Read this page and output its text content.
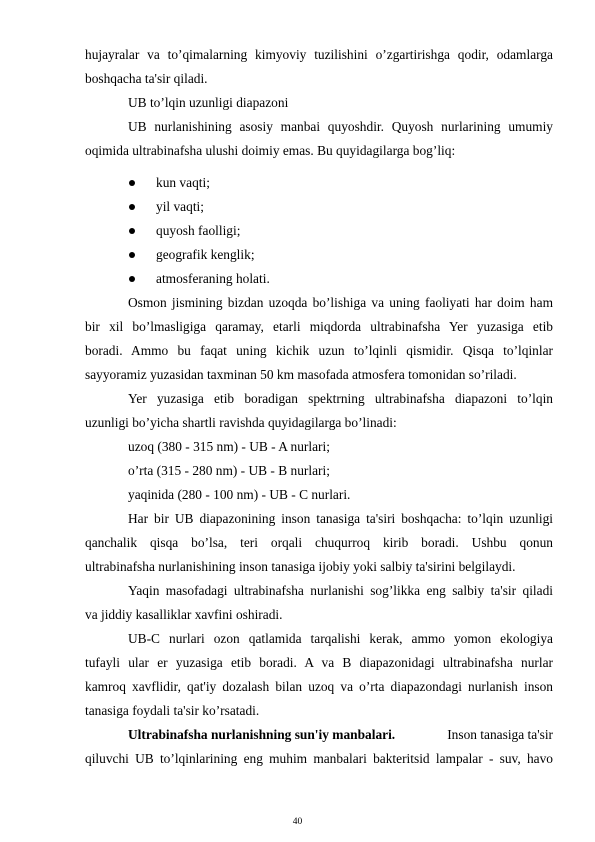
hujayralar va to’qimalarning kimyoviy tuzilishini o’zgartirishga qodir, odamlarga
boshqacha ta'sir qiladi.
UB to’lqin uzunligi diapazoni
UB nurlanishining asosiy manbai quyoshdir. Quyosh nurlarining umumiy
oqimida ultrabinafsha ulushi doimiy emas. Bu quyidagilarga bog’liq:
kun vaqti;
yil vaqti;
quyosh faolligi;
geografik kenglik;
atmosferaning holati.
Osmon jismining bizdan uzoqda bo’lishiga va uning faoliyati har doim ham
bir xil bo’lmasligiga qaramay, etarli miqdorda ultrabinafsha Yer yuzasiga etib
boradi. Ammo bu faqat uning kichik uzun to’lqinli qismidir. Qisqa to’lqinlar
sayyoramiz yuzasidan taxminan 50 km masofada atmosfera tomonidan so’riladi.
Yer yuzasiga etib boradigan spektrning ultrabinafsha diapazoni to’lqin
uzunligi bo’yicha shartli ravishda quyidagilarga bo’linadi:
uzoq (380 - 315 nm) - UB - A nurlari;
o’rta (315 - 280 nm) - UB - B nurlari;
yaqinida (280 - 100 nm) - UB - C nurlari.
Har bir UB diapazonining inson tanasiga ta'siri boshqacha: to’lqin uzunligi
qanchalik qisqa bo’lsa, teri orqali chuqurroq kirib boradi. Ushbu qonun
ultrabinafsha nurlanishining inson tanasiga ijobiy yoki salbiy ta'sirini belgilaydi.
Yaqin masofadagi ultrabinafsha nurlanishi sog’likka eng salbiy ta'sir qiladi
va jiddiy kasalliklar xavfini oshiradi.
UB-C nurlari ozon qatlamida tarqalishi kerak, ammo yomon ekologiya
tufayli ular er yuzasiga etib boradi. A va B diapazonidagi ultrabinafsha nurlar
kamroq xavflidir, qat'iy dozalash bilan uzoq va o’rta diapazondagi nurlanish inson
tanasiga foydali ta'sir ko’rsatadi.
Ultrabinafsha nurlanishning sun'iy manbalari.	Inson tanasiga ta'sir
qiluvchi UB to’lqinlarining eng muhim manbalari bakteritsid lampalar - suv, havo
40
